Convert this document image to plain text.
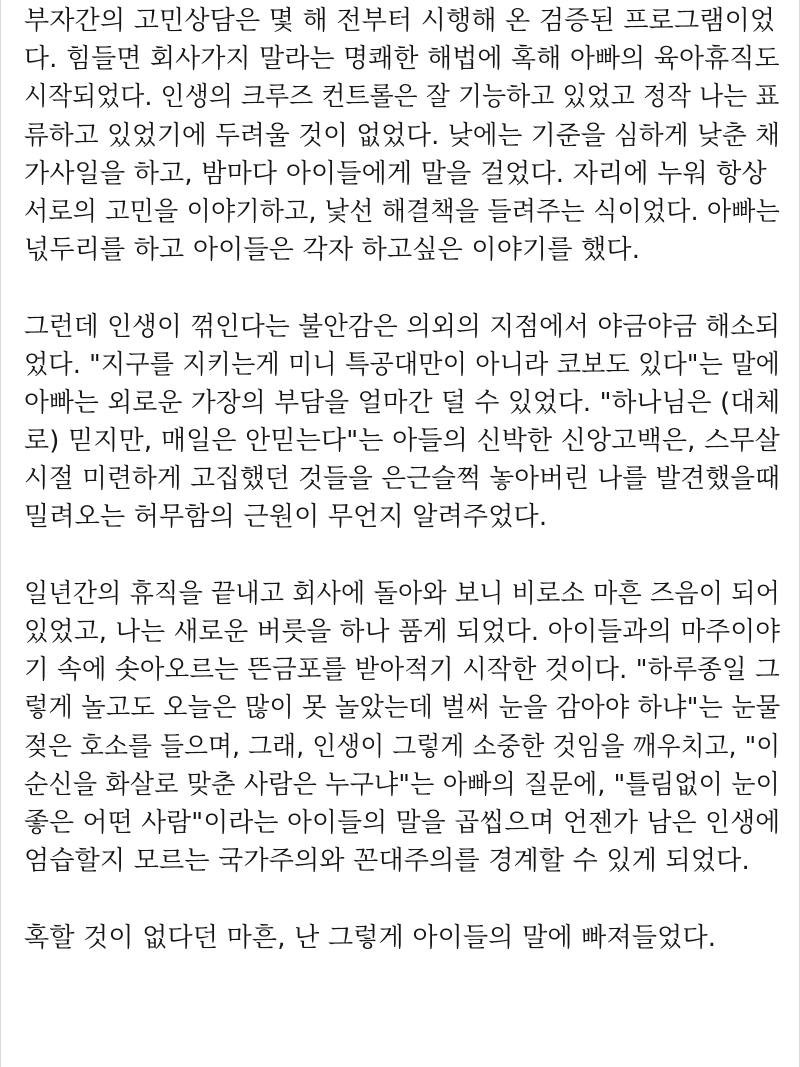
부자간의 고민상담은 몇 해 전부터 시행해 온 검증된 프로그램이었
다. 힘들면 회사가지 말라는 명쾌한 해법에 혹해 아빠의 육아휴직도
시작되었다. 인생의 크루즈 컨트롤은 잘 기능하고 있었고 정작 나는 표
류하고 있었기에 두려울 것이 없었다. 낮에는 기준을 심하게 낮춘 채
가사일을 하고, 밤마다 아이들에게 말을 걸었다. 자리에 누워 항상
서로의 고민을 이야기하고, 낯선 해결책을 들려주는 식이었다. 아빠는
넋두리를 하고 아이들은 각자 하고싶은 이야기를 했다.
그런데 인생이 꺾인다는 불안감은 의외의 지점에서 야금야금 해소되
었다. "지구를 지키는게 미니 특공대만이 아니라 코보도 있다"는 말에
아빠는 외로운 가장의 부담을 얼마간 덜 수 있었다. "하나님은 (대체
로) 믿지만, 매일은 안믿는다"는 아들의 신박한 신앙고백은, 스무살
시절 미련하게 고집했던 것들을 은근슬쩍 놓아버린 나를 발견했을때
밀려오는 허무함의 근원이 무언지 알려주었다.
일년간의 휴직을 끝내고 회사에 돌아와 보니 비로소 마흔 즈음이 되어
있었고, 나는 새로운 버릇을 하나 품게 되었다. 아이들과의 마주이야
기 속에 솟아오르는 뜬금포를 받아적기 시작한 것이다. "하루종일 그
렇게 놀고도 오늘은 많이 못 놀았는데 벌써 눈을 감아야 하냐"는 눈물
젖은 호소를 들으며, 그래, 인생이 그렇게 소중한 것임을 깨우치고, "이
순신을 화살로 맞춘 사람은 누구냐"는 아빠의 질문에, "틀림없이 눈이
좋은 어떤 사람"이라는 아이들의 말을 곱씹으며 언젠가 남은 인생에
엄습할지 모르는 국가주의와 꼰대주의를 경계할 수 있게 되었다.
혹할 것이 없다던 마흔, 난 그렇게 아이들의 말에 빠져들었다.
